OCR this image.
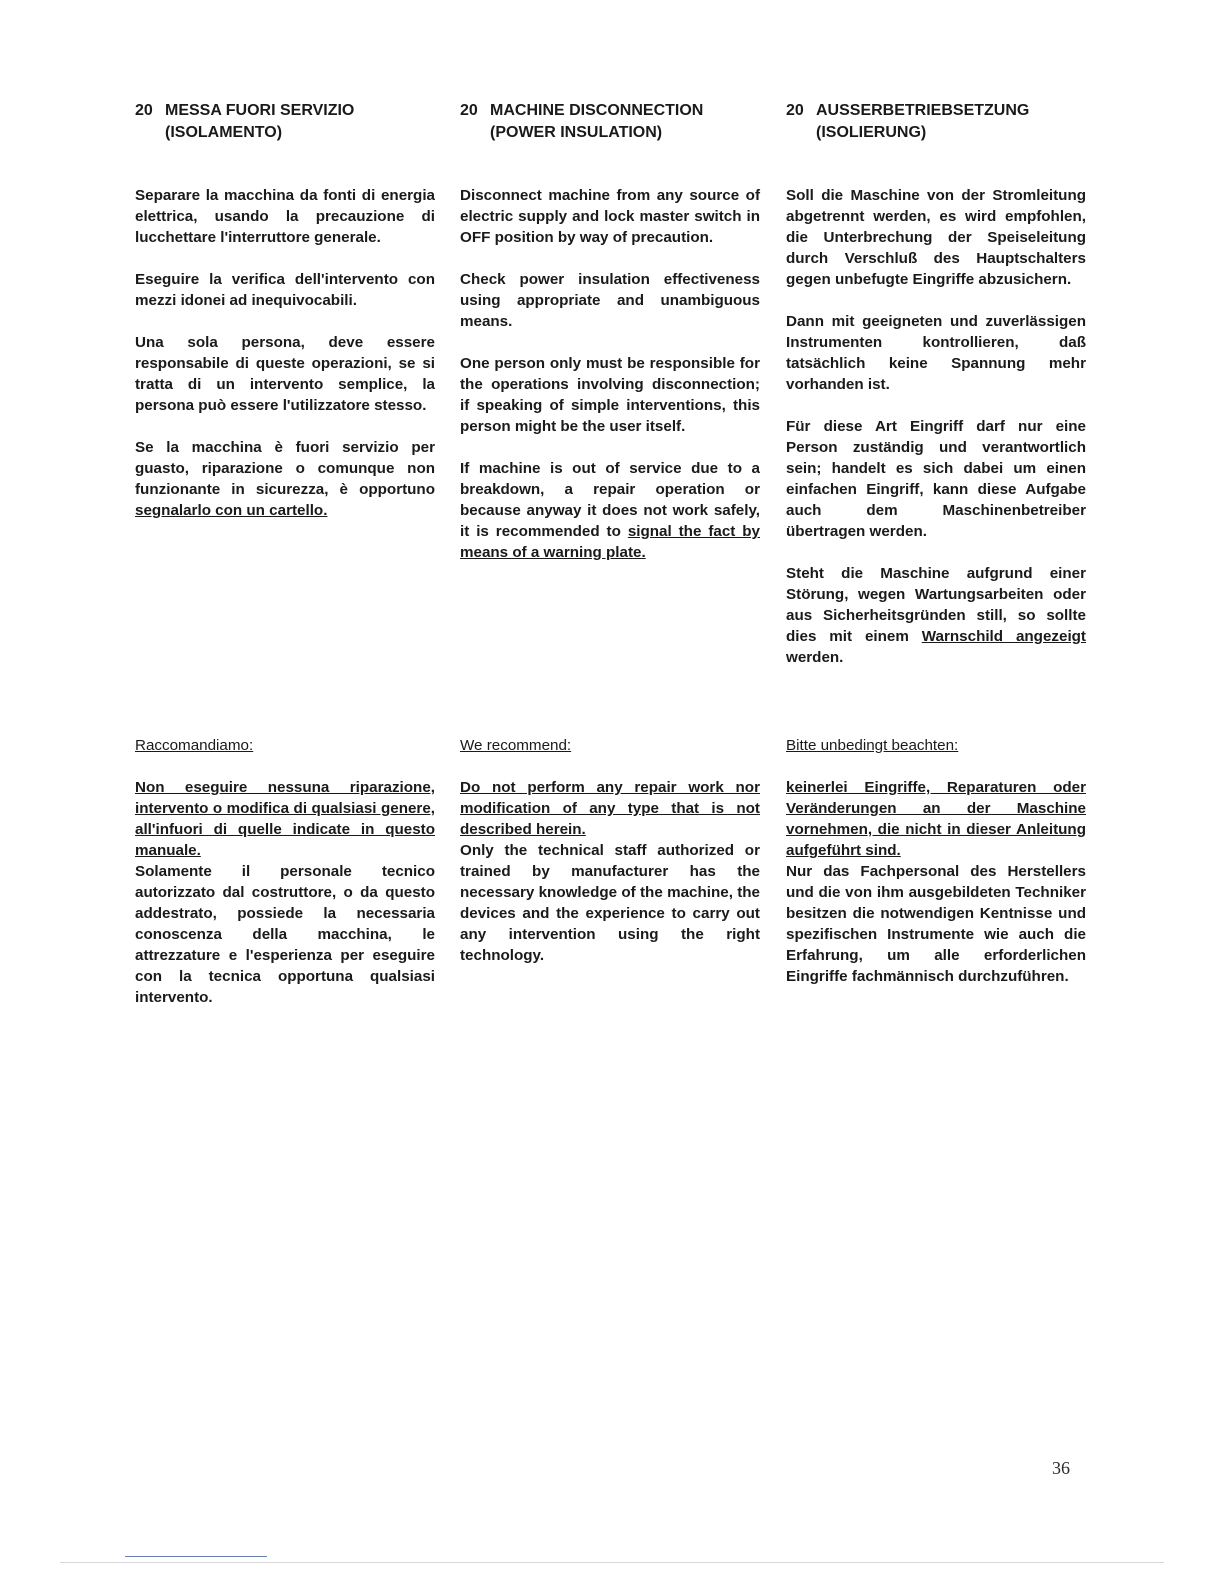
20 MESSA FUORI SERVIZIO
(ISOLAMENTO)

Separare la macchina da fonti di energia elettrica, usando la precauzione di lucchettare l'interruttore generale.

Eseguire la verifica dell'intervento con mezzi idonei ad inequivocabili.

Una sola persona, deve essere responsabile di queste operazioni, se si tratta di un intervento semplice, la persona può essere l'utilizzatore stesso.

Se la macchina è fuori servizio per guasto, riparazione o comunque non funzionante in sicurezza, è opportuno segnalarlo con un cartello.

20 MACHINE DISCONNECTION
(POWER INSULATION)

Disconnect machine from any source of electric supply and lock master switch in OFF position by way of precaution.

Check power insulation effectiveness using appropriate and unambiguous means.

One person only must be responsible for the operations involving disconnection; if speaking of simple interventions, this person might be the user itself.

If machine is out of service due to a breakdown, a repair operation or because anyway it does not work safely, it is recommended to signal the fact by means of a warning plate.

20 AUSSERBETRIEBSETZUNG
(ISOLIERUNG)

Soll die Maschine von der Stromleitung abgetrennt werden, es wird empfohlen, die Unterbrechung der Speiseleitung durch Verschluß des Hauptschalters gegen unbefugte Eingriffe abzusichern.

Dann mit geeigneten und zuverlässigen Instrumenten kontrollieren, daß tatsächlich keine Spannung mehr vorhanden ist.

Für diese Art Eingriff darf nur eine Person zuständig und verantwortlich sein; handelt es sich dabei um einen einfachen Eingriff, kann diese Aufgabe auch dem Maschinenbetreiber übertragen werden.

Steht die Maschine aufgrund einer Störung, wegen Wartungsarbeiten oder aus Sicherheitsgründen still, so sollte dies mit einem Warnschild angezeigt werden.

Raccomandiamo:

Non eseguire nessuna riparazione, intervento o modifica di qualsiasi genere, all'infuori di quelle indicate in questo manuale.

Solamente il personale tecnico autorizzato dal costruttore, o da questo addestrato, possiede la necessaria conoscenza della macchina, le attrezzature e l'esperienza per eseguire con la tecnica opportuna qualsiasi intervento.

We recommend:

Do not perform any repair work nor modification of any type that is not described herein.

Only the technical staff authorized or trained by manufacturer has the necessary knowledge of the machine, the devices and the experience to carry out any intervention using the right technology.

Bitte unbedingt beachten:

keinerlei Eingriffe, Reparaturen oder Veränderungen an der Maschine vornehmen, die nicht in dieser Anleitung aufgeführt sind.

Nur das Fachpersonal des Herstellers und die von ihm ausgebildeten Techniker besitzen die notwendigen Kentnisse und spezifischen Instrumente wie auch die Erfahrung, um alle erforderlichen Eingriffe fachmännisch durchzuführen.

36
